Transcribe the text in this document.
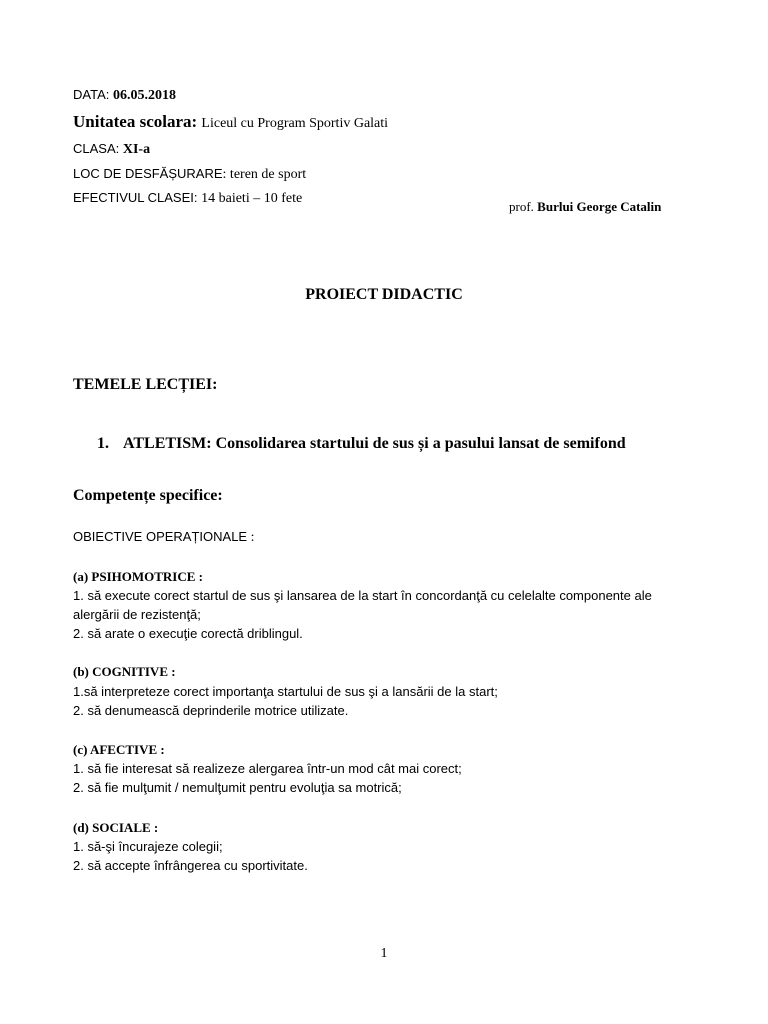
DATA: 06.05.2018
Unitatea scolara: Liceul cu Program Sportiv Galati
CLASA: XI-a
LOC DE DESFĂȘURARE: teren de sport
EFECTIVUL CLASEI: 14 baieti – 10 fete
prof. Burlui George Catalin
PROIECT DIDACTIC
TEMELE LECȚIEI:
1. ATLETISM: Consolidarea startului de sus și a pasului lansat de semifond
Competențe specifice:
OBIECTIVE OPERAȚIONALE :
(a) PSIHOMOTRICE :
1. să execute corect startul de sus şi lansarea de la start în concordanţă cu celelalte componente ale
alergării de rezistenţă;
2. să arate o execuţie corectă driblingul.
(b) COGNITIVE :
1.să interpreteze corect importanţa startului de sus şi a lansării de la start;
2. să denumească deprinderile motrice utilizate.
(c) AFECTIVE :
1. să fie interesat să realizeze alergarea într-un mod cât mai corect;
2. să fie mulţumit / nemulţumit pentru evoluţia sa motrică;
(d) SOCIALE :
1. să-şi încurajeze colegii;
2. să accepte înfrângerea cu sportivitate.
1
